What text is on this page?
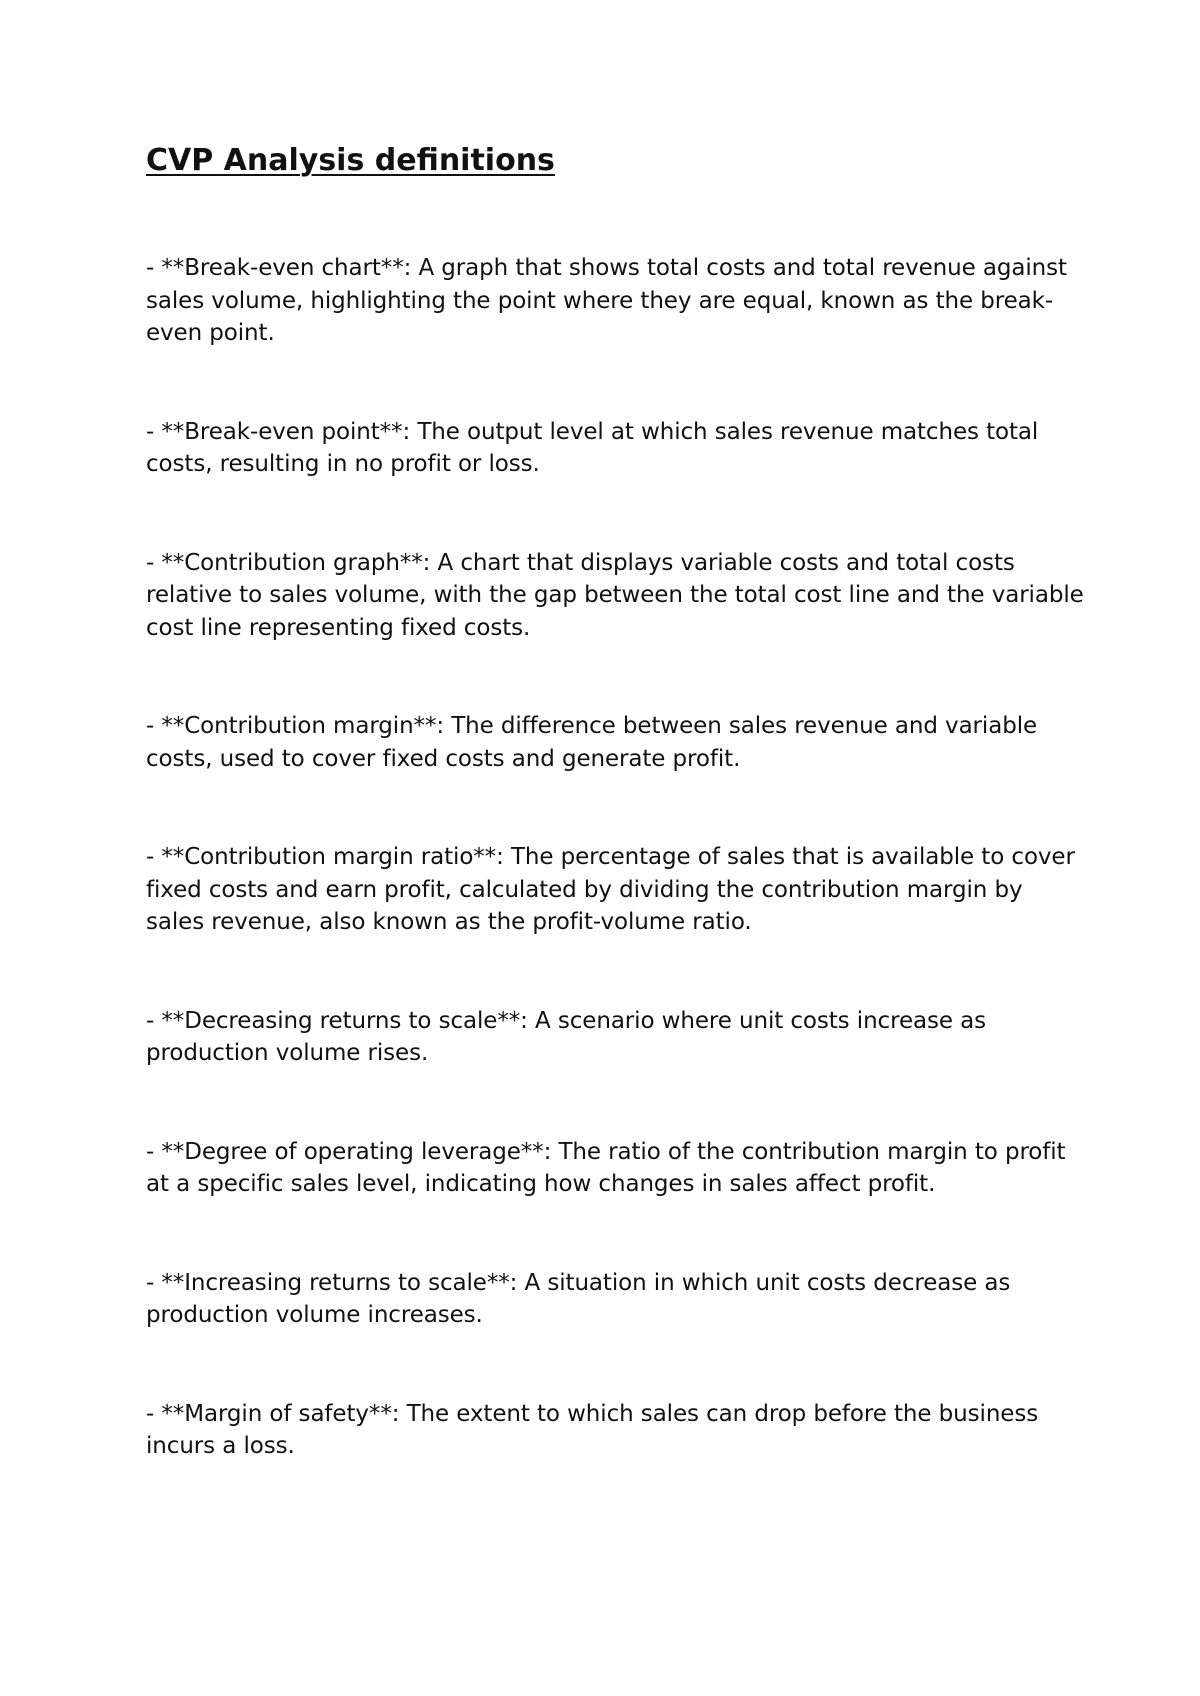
CVP Analysis definitions
- **Break-even chart**: A graph that shows total costs and total revenue against sales volume, highlighting the point where they are equal, known as the break-even point.
- **Break-even point**: The output level at which sales revenue matches total costs, resulting in no profit or loss.
- **Contribution graph**: A chart that displays variable costs and total costs relative to sales volume, with the gap between the total cost line and the variable cost line representing fixed costs.
- **Contribution margin**: The difference between sales revenue and variable costs, used to cover fixed costs and generate profit.
- **Contribution margin ratio**: The percentage of sales that is available to cover fixed costs and earn profit, calculated by dividing the contribution margin by sales revenue, also known as the profit-volume ratio.
- **Decreasing returns to scale**: A scenario where unit costs increase as production volume rises.
- **Degree of operating leverage**: The ratio of the contribution margin to profit at a specific sales level, indicating how changes in sales affect profit.
- **Increasing returns to scale**: A situation in which unit costs decrease as production volume increases.
- **Margin of safety**: The extent to which sales can drop before the business incurs a loss.
